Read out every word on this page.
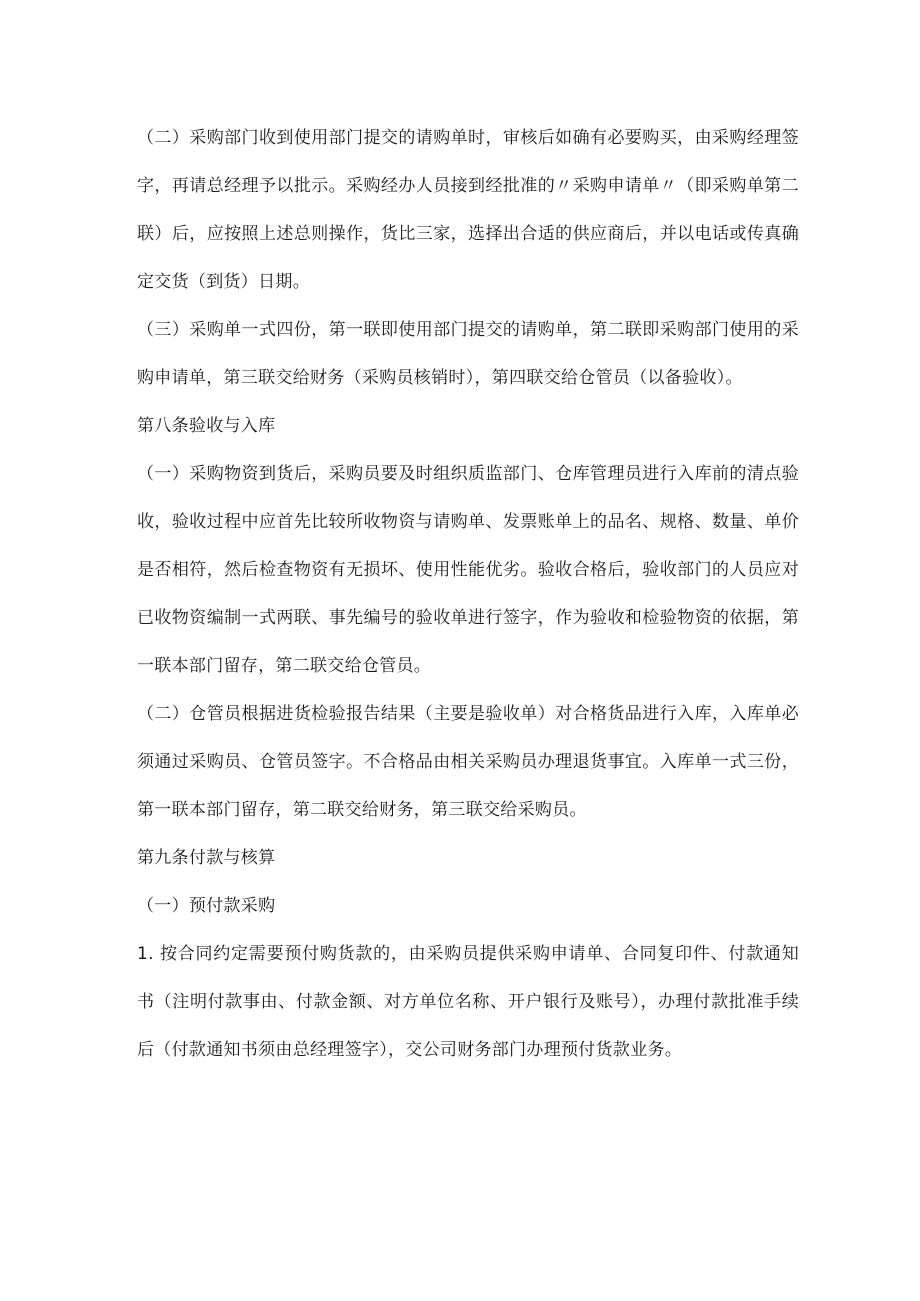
（二）采购部门收到使用部门提交的请购单时，审核后如确有必要购买，由采购经理签字，再请总经理予以批示。采购经办人员接到经批准的〃采购申请单〃（即采购单第二联）后，应按照上述总则操作，货比三家，选择出合适的供应商后，并以电话或传真确定交货（到货）日期。

（三）采购单一式四份，第一联即使用部门提交的请购单，第二联即采购部门使用的采购申请单，第三联交给财务（采购员核销时），第四联交给仓管员（以备验收）。

第八条验收与入库

（一）采购物资到货后，采购员要及时组织质监部门、仓库管理员进行入库前的清点验收，验收过程中应首先比较所收物资与请购单、发票账单上的品名、规格、数量、单价是否相符，然后检查物资有无损坏、使用性能优劣。验收合格后，验收部门的人员应对已收物资编制一式两联、事先编号的验收单进行签字，作为验收和检验物资的依据，第一联本部门留存，第二联交给仓管员。

（二）仓管员根据进货检验报告结果（主要是验收单）对合格货品进行入库，入库单必须通过采购员、仓管员签字。不合格品由相关采购员办理退货事宜。入库单一式三份，第一联本部门留存，第二联交给财务，第三联交给采购员。

第九条付款与核算

（一）预付款采购

1. 按合同约定需要预付购货款的，由采购员提供采购申请单、合同复印件、付款通知书（注明付款事由、付款金额、对方单位名称、开户银行及账号），办理付款批准手续后（付款通知书须由总经理签字），交公司财务部门办理预付货款业务。
